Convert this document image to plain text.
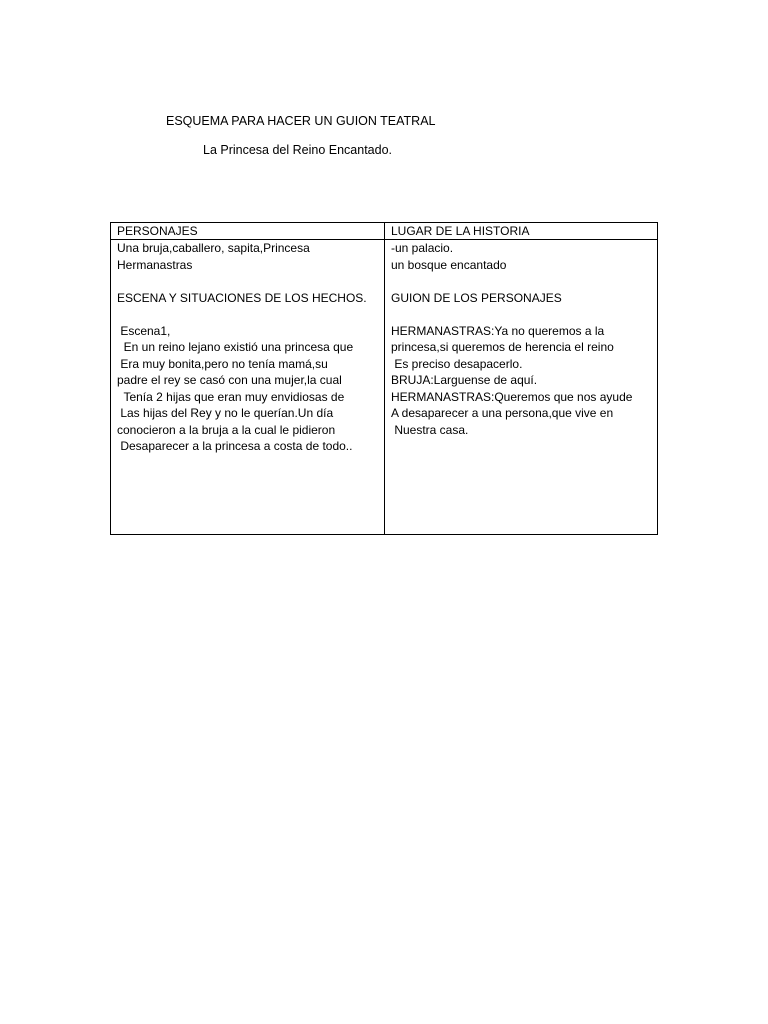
ESQUEMA PARA HACER UN GUION TEATRAL
La Princesa del Reino Encantado.
PERSONAJES	LUGAR DE LA HISTORIA
Una bruja,caballero, sapita,Princesa
Hermanastras
ESCENA Y SITUACIONES DE LOS HECHOS.
Escena1,
En un reino lejano existió una princesa que
Era muy bonita,pero no tenía mamá,su
padre el rey se casó con una mujer,la cual
Tenía 2 hijas que eran muy envidiosas de
Las hijas del Rey y no le querían.Un día
conocieron a la bruja a la cual le pidieron
Desaparecer a la princesa a costa de todo..
-un palacio.
un bosque encantado
GUION DE LOS PERSONAJES
HERMANASTRAS:Ya no queremos a la
princesa,si queremos de herencia el reino
Es preciso desapacerlo.
BRUJA:Larguense de aquí.
HERMANASTRAS:Queremos que nos ayude
A desaparecer a una persona,que vive en
Nuestra casa.
